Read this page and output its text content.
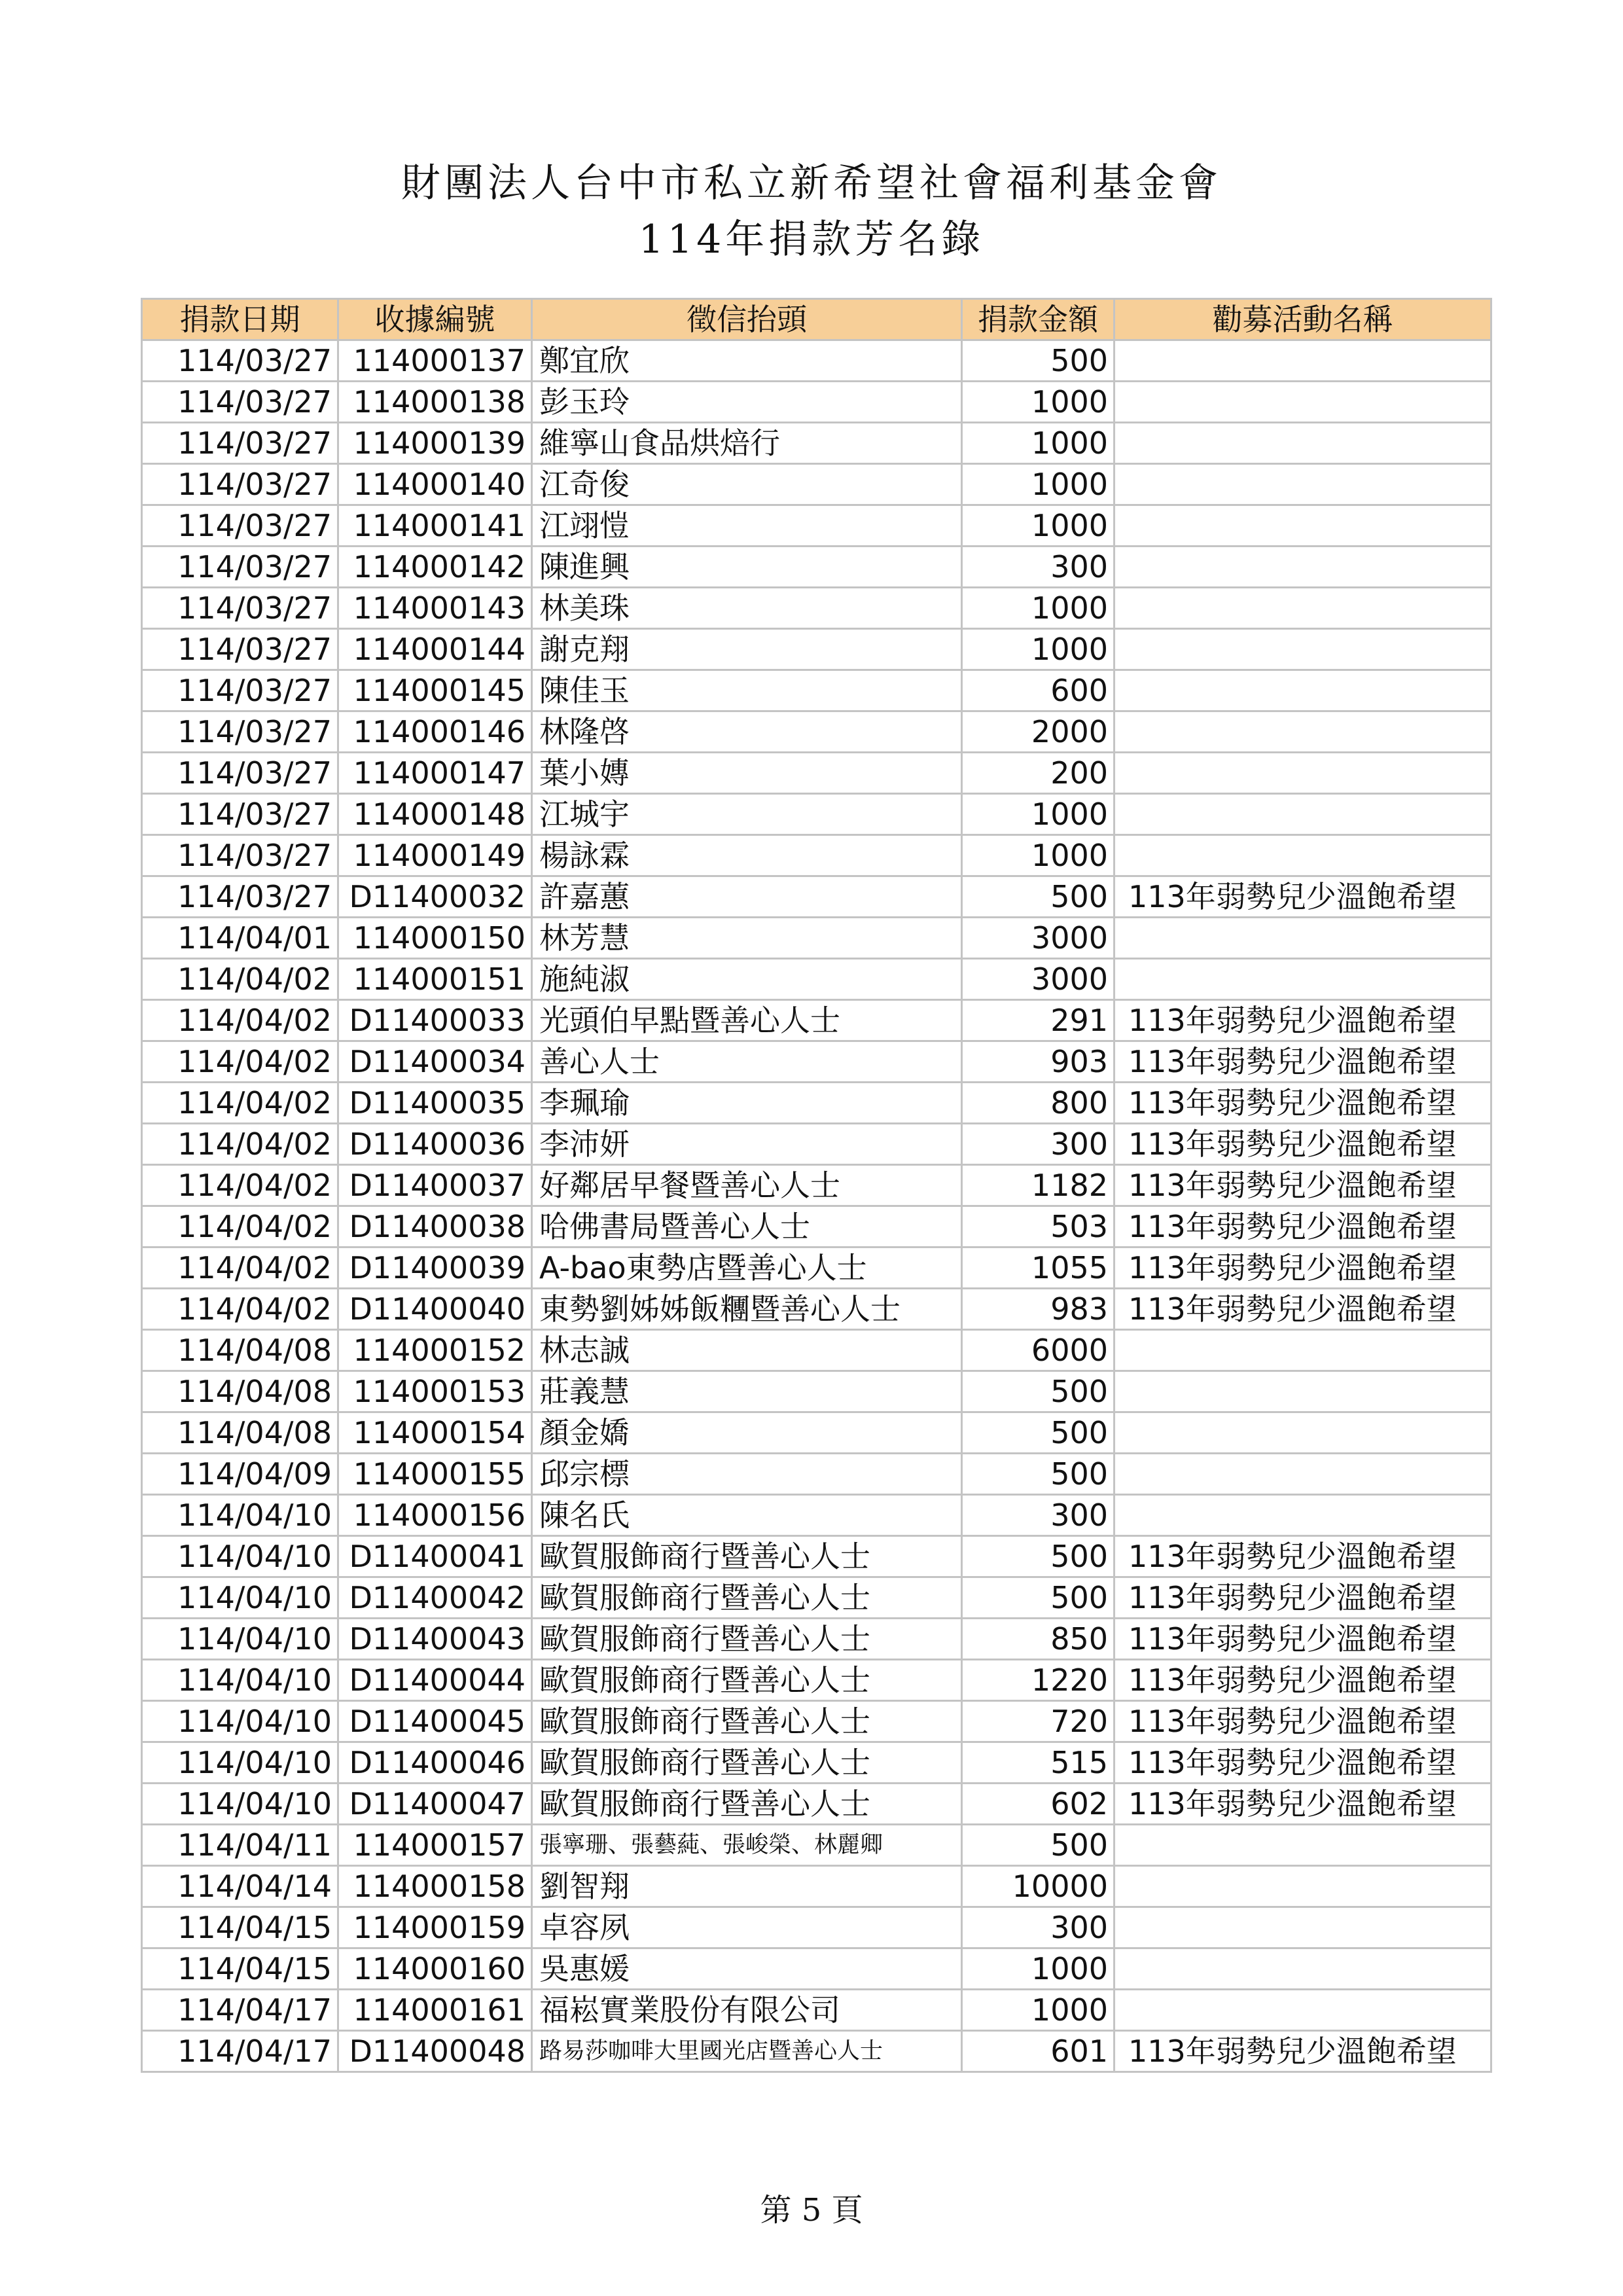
財團法人台中市私立新希望社會福利基金會
114年捐款芳名錄
捐款日期	收據編號	徵信抬頭	捐款金額	勸募活動名稱
114/03/27	114000137	鄭宜欣	500	
114/03/27	114000138	彭玉玲	1000	
114/03/27	114000139	維寧山食品烘焙行	1000	
114/03/27	114000140	江奇俊	1000	
114/03/27	114000141	江翊愷	1000	
114/03/27	114000142	陳進興	300	
114/03/27	114000143	林美珠	1000	
114/03/27	114000144	謝克翔	1000	
114/03/27	114000145	陳佳玉	600	
114/03/27	114000146	林隆啓	2000	
114/03/27	114000147	葉小嫥	200	
114/03/27	114000148	江城宇	1000	
114/03/27	114000149	楊詠霖	1000	
114/03/27	D11400032	許嘉蕙	500	113年弱勢兒少溫飽希望
114/04/01	114000150	林芳慧	3000	
114/04/02	114000151	施純淑	3000	
114/04/02	D11400033	光頭伯早點暨善心人士	291	113年弱勢兒少溫飽希望
114/04/02	D11400034	善心人士	903	113年弱勢兒少溫飽希望
114/04/02	D11400035	李珮瑜	800	113年弱勢兒少溫飽希望
114/04/02	D11400036	李沛妍	300	113年弱勢兒少溫飽希望
114/04/02	D11400037	好鄰居早餐暨善心人士	1182	113年弱勢兒少溫飽希望
114/04/02	D11400038	哈佛書局暨善心人士	503	113年弱勢兒少溫飽希望
114/04/02	D11400039	A-bao東勢店暨善心人士	1055	113年弱勢兒少溫飽希望
114/04/02	D11400040	東勢劉姊姊飯糰暨善心人士	983	113年弱勢兒少溫飽希望
114/04/08	114000152	林志誠	6000	
114/04/08	114000153	莊義慧	500	
114/04/08	114000154	顏金嬌	500	
114/04/09	114000155	邱宗標	500	
114/04/10	114000156	陳名氏	300	
114/04/10	D11400041	歐賀服飾商行暨善心人士	500	113年弱勢兒少溫飽希望
114/04/10	D11400042	歐賀服飾商行暨善心人士	500	113年弱勢兒少溫飽希望
114/04/10	D11400043	歐賀服飾商行暨善心人士	850	113年弱勢兒少溫飽希望
114/04/10	D11400044	歐賀服飾商行暨善心人士	1220	113年弱勢兒少溫飽希望
114/04/10	D11400045	歐賀服飾商行暨善心人士	720	113年弱勢兒少溫飽希望
114/04/10	D11400046	歐賀服飾商行暨善心人士	515	113年弱勢兒少溫飽希望
114/04/10	D11400047	歐賀服飾商行暨善心人士	602	113年弱勢兒少溫飽希望
114/04/11	114000157	張寧珊、張藝蒓、張峻榮、林麗卿	500	
114/04/14	114000158	劉智翔	10000	
114/04/15	114000159	卓容夙	300	
114/04/15	114000160	吳惠媛	1000	
114/04/17	114000161	福崧實業股份有限公司	1000	
114/04/17	D11400048	路易莎咖啡大里國光店暨善心人士	601	113年弱勢兒少溫飽希望
第 5 頁
